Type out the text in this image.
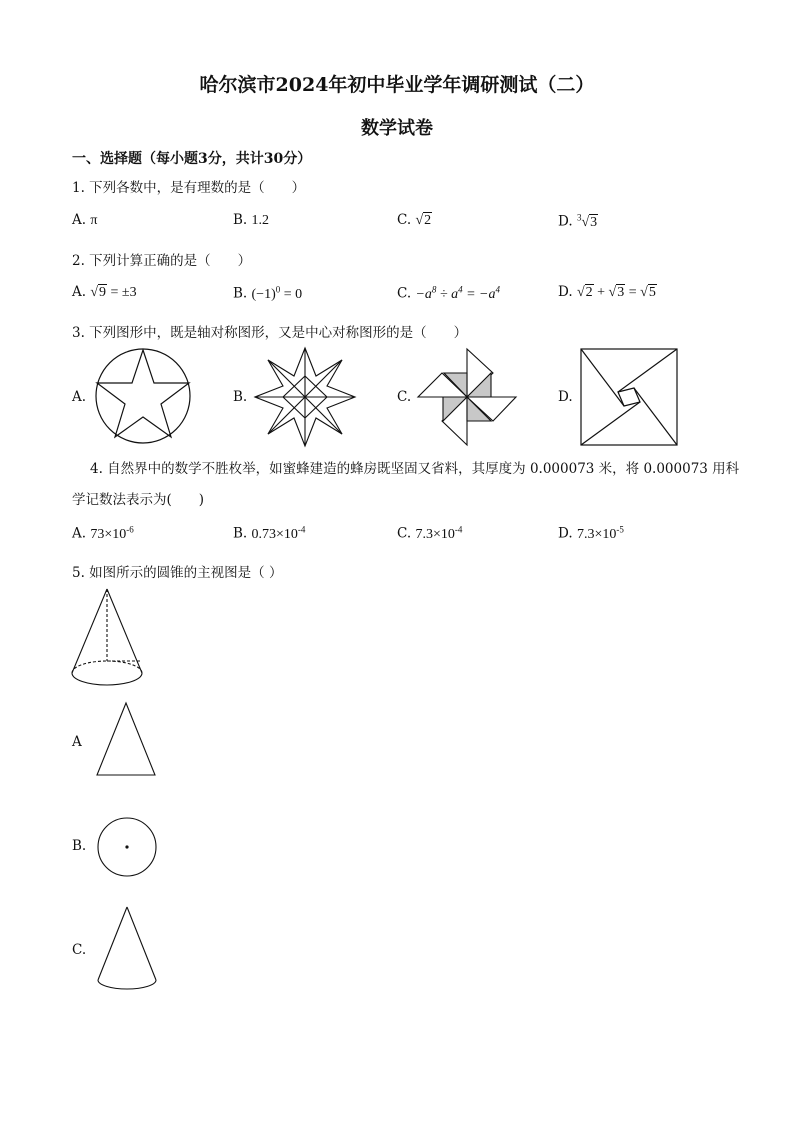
哈尔滨市2024年初中毕业学年调研测试（二）
数学试卷
一、选择题（每小题3分，共计30分）
1. 下列各数中，是有理数的是（　　）
A. π	B. 1.2	C. √2	D. $^3$√3
2. 下列计算正确的是（　　）
A. √9 = ±3	B. $(-1)^0 = 0$	C. $-a^8 \div a^4 = -a^4$	D. √2 + √3 = √5
3. 下列图形中，既是轴对称图形，又是中心对称图形的是（　　）
A.	B.	C.	D.
4. 自然界中的数学不胜枚举，如蜜蜂建造的蜂房既坚固又省料，其厚度为 0.000073 米，将 0.000073 用科
学记数法表示为(　　)
A. $73\times 10^{-6}$	B. $0.73\times 10^{-4}$	C. $7.3\times 10^{-4}$	D. $7.3\times 10^{-5}$
5. 如图所示的圆锥的主视图是（ ）
A
B.
C.
